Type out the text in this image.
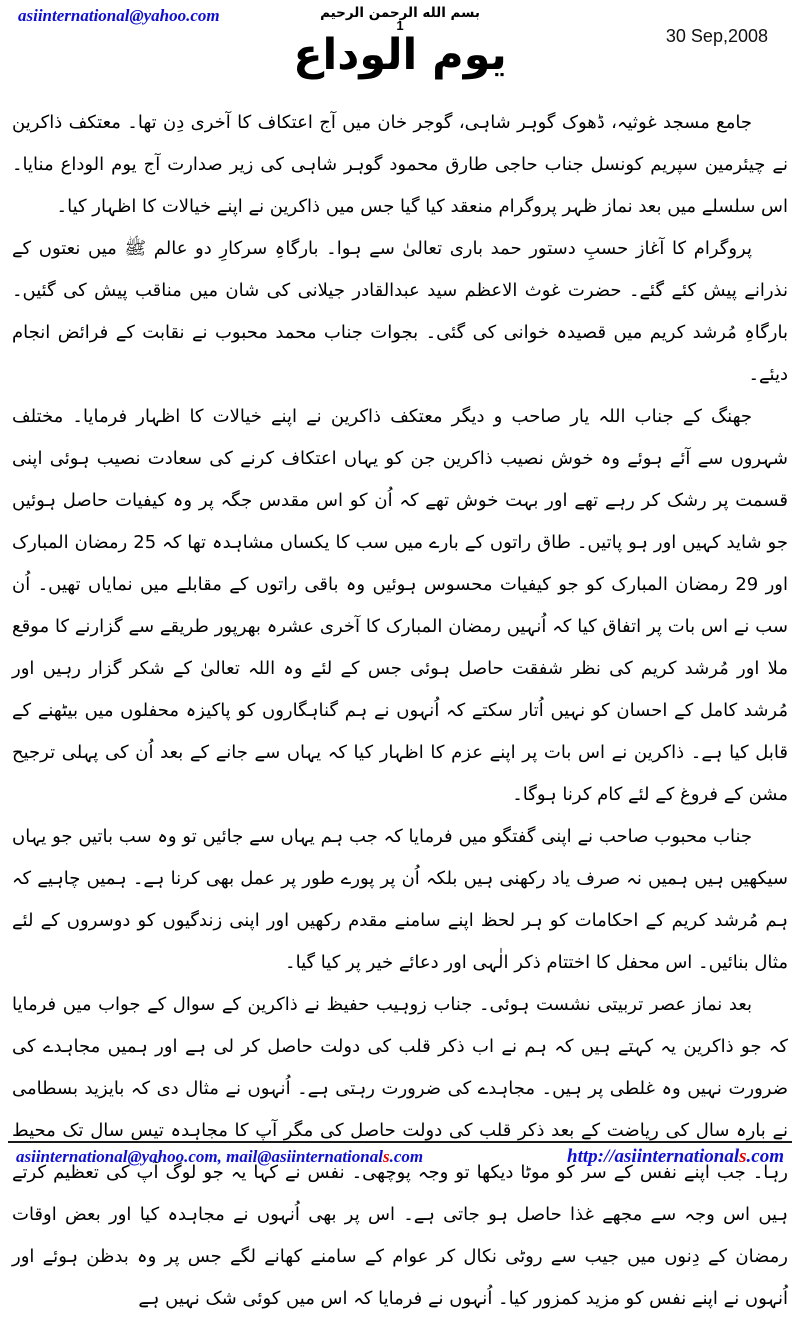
asiinternational@yahoo.com	بسم الله الرحمن الرحيم
1
30 Sep,2008
يوم الوداع

جامع مسجد غوثیہ، ڈھوک گوہر شاہی، گوجر خان میں آج اعتکاف کا آخری دِن تھا۔ معتکف ذاکرین نے چیئرمین سپریم کونسل جناب حاجی طارق محمود گوہر شاہی کی زیر صدارت آج یوم الوداع منایا۔ اس سلسلے میں بعد نماز ظہر پروگرام منعقد کیا گیا جس میں ذاکرین نے اپنے خیالات کا اظہار کیا۔

پروگرام کا آغاز حسبِ دستور حمد باری تعالیٰ سے ہوا۔ بارگاہِ سرکارِ دو عالم ﷺ میں نعتوں کے نذرانے پیش کئے گئے۔ حضرت غوث الاعظم سید عبدالقادر جیلانی کی شان میں مناقب پیش کی گئیں۔ بارگاہِ مُرشد کریم میں قصیدہ خوانی کی گئی۔ بجوات جناب محمد محبوب نے نقابت کے فرائض انجام دیئے۔

جھنگ کے جناب اللہ یار صاحب و دیگر معتکف ذاکرین نے اپنے خیالات کا اظہار فرمایا۔ مختلف شہروں سے آئے ہوئے وہ خوش نصیب ذاکرین جن کو یہاں اعتکاف کرنے کی سعادت نصیب ہوئی اپنی قسمت پر رشک کر رہے تھے اور بہت خوش تھے کہ اُن کو اس مقدس جگہ پر وہ کیفیات حاصل ہوئیں جو شاید کہیں اور ہو پاتیں۔ طاق راتوں کے بارے میں سب کا یکساں مشاہدہ تھا کہ 25 رمضان المبارک اور 29 رمضان المبارک کو جو کیفیات محسوس ہوئیں وہ باقی راتوں کے مقابلے میں نمایاں تھیں۔ اُن سب نے اس بات پر اتفاق کیا کہ اُنہیں رمضان المبارک کا آخری عشرہ بھرپور طریقے سے گزارنے کا موقع ملا اور مُرشد کریم کی نظر شفقت حاصل ہوئی جس کے لئے وہ اللہ تعالیٰ کے شکر گزار رہیں اور مُرشد کامل کے احسان کو نہیں اُتار سکتے کہ اُنہوں نے ہم گناہگاروں کو پاکیزہ محفلوں میں بیٹھنے کے قابل کیا ہے۔ ذاکرین نے اس بات پر اپنے عزم کا اظہار کیا کہ یہاں سے جانے کے بعد اُن کی پہلی ترجیح مشن کے فروغ کے لئے کام کرنا ہوگا۔

جناب محبوب صاحب نے اپنی گفتگو میں فرمایا کہ جب ہم یہاں سے جائیں تو وہ سب باتیں جو یہاں سیکھیں ہیں ہمیں نہ صرف یاد رکھنی ہیں بلکہ اُن پر پورے طور پر عمل بھی کرنا ہے۔ ہمیں چاہیے کہ ہم مُرشد کریم کے احکامات کو ہر لحظ اپنے سامنے مقدم رکھیں اور اپنی زندگیوں کو دوسروں کے لئے مثال بنائیں۔ اس محفل کا اختتام ذکر الٰہی اور دعائے خیر پر کیا گیا۔

بعد نماز عصر تربیتی نشست ہوئی۔ جناب زوہیب حفیظ نے ذاکرین کے سوال کے جواب میں فرمایا کہ جو ذاکرین یہ کہتے ہیں کہ ہم نے اب ذکر قلب کی دولت حاصل کر لی ہے اور ہمیں مجاہدے کی ضرورت نہیں وہ غلطی پر ہیں۔ مجاہدے کی ضرورت رہتی ہے۔ اُنہوں نے مثال دی کہ بایزید بسطامی نے بارہ سال کی ریاضت کے بعد ذکر قلب کی دولت حاصل کی مگر آپ کا مجاہدہ تیس سال تک محیط رہا۔ جب اپنے نفس کے سر کو موٹا دیکھا تو وجہ پوچھی۔ نفس نے کہا یہ جو لوگ آپ کی تعظیم کرتے ہیں اس وجہ سے مجھے غذا حاصل ہو جاتی ہے۔ اس پر بھی اُنہوں نے مجاہدہ کیا اور بعض اوقات رمضان کے دِنوں میں جیب سے روٹی نکال کر عوام کے سامنے کھانے لگے جس پر وہ بدظن ہوئے اور اُنہوں نے اپنے نفس کو مزید کمزور کیا۔ اُنہوں نے فرمایا کہ اس میں کوئی شک نہیں ہے

asiinternational@yahoo.com, mail@asiinternationals.com	http://asiinternationals.com
